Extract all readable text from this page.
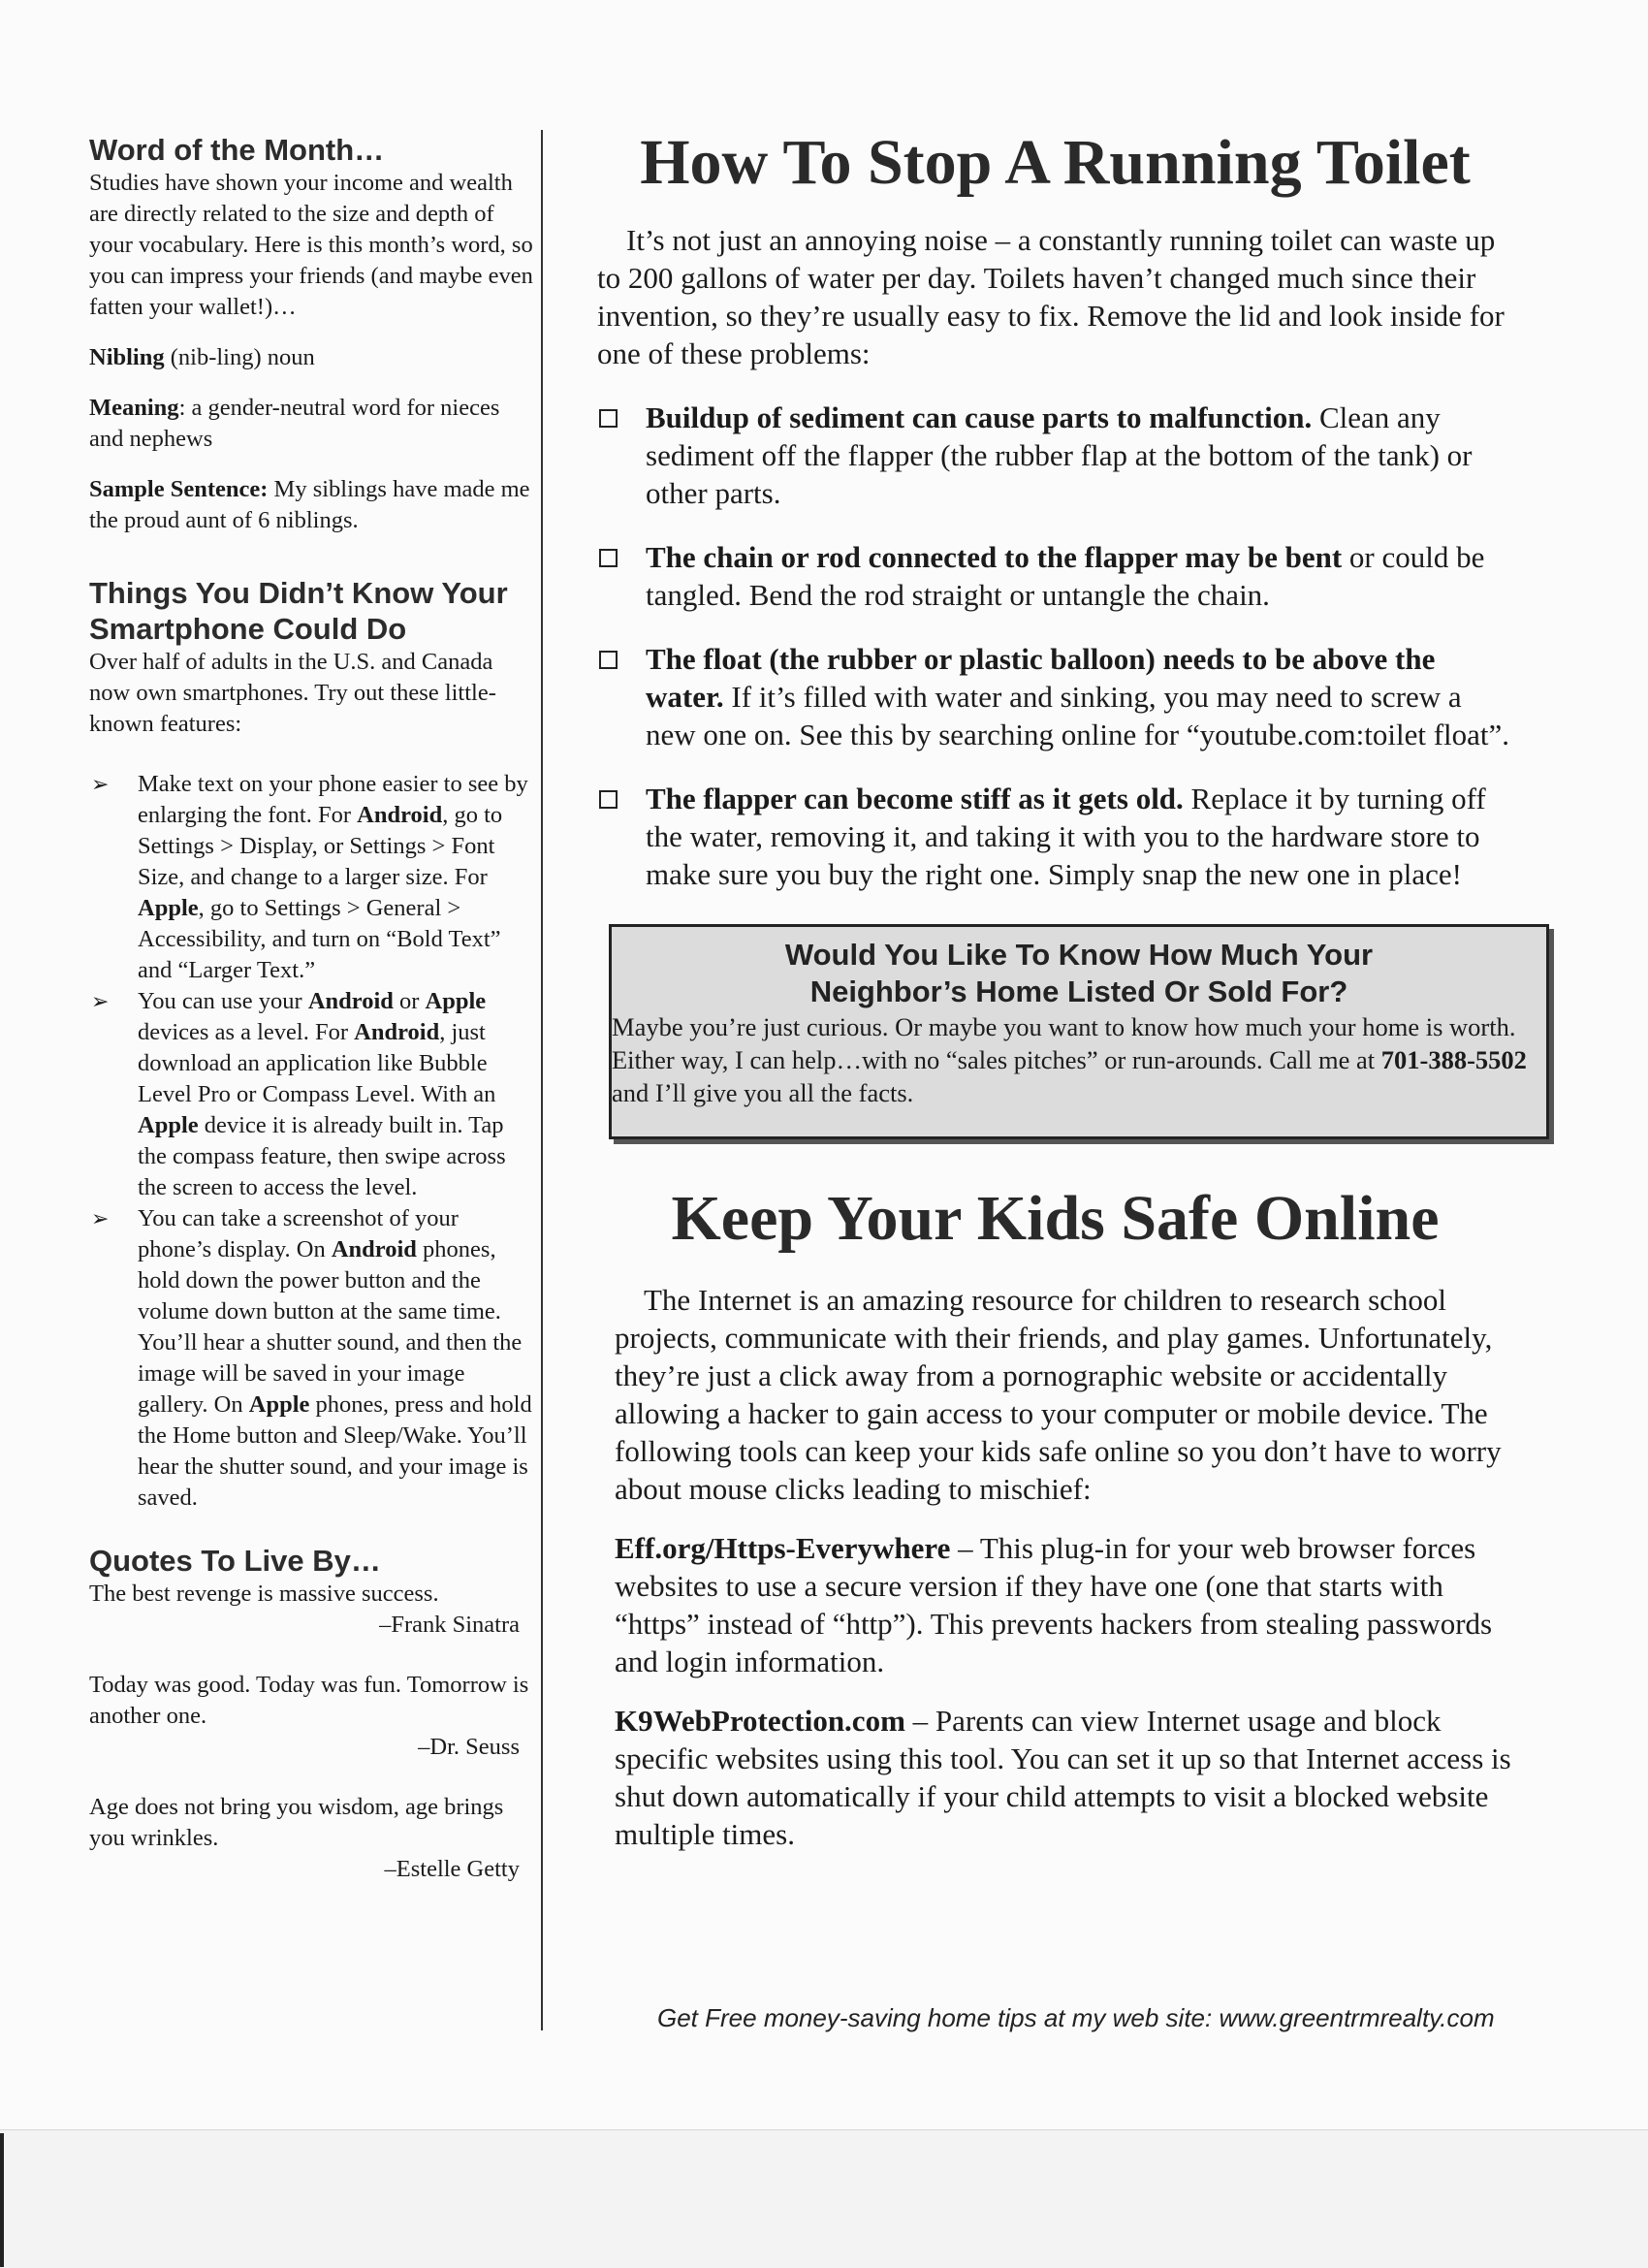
Word of the Month…

Studies have shown your income and wealth are directly related to the size and depth of your vocabulary. Here is this month’s word, so you can impress your friends (and maybe even fatten your wallet!)…

Nibling (nib-ling) noun

Meaning: a gender-neutral word for nieces and nephews

Sample Sentence: My siblings have made me the proud aunt of 6 niblings.

Things You Didn’t Know Your Smartphone Could Do

Over half of adults in the U.S. and Canada now own smartphones. Try out these little-known features:

➢ Make text on your phone easier to see by enlarging the font. For Android, go to Settings > Display, or Settings > Font Size, and change to a larger size. For Apple, go to Settings > General > Accessibility, and turn on “Bold Text” and “Larger Text.”
➢ You can use your Android or Apple devices as a level. For Android, just download an application like Bubble Level Pro or Compass Level. With an Apple device it is already built in. Tap the compass feature, then swipe across the screen to access the level.
➢ You can take a screenshot of your phone’s display. On Android phones, hold down the power button and the volume down button at the same time. You’ll hear a shutter sound, and then the image will be saved in your image gallery. On Apple phones, press and hold the Home button and Sleep/Wake. You’ll hear the shutter sound, and your image is saved.
Quotes To Live By…

The best revenge is massive success.

–Frank Sinatra

Today was good. Today was fun. Tomorrow is another one.

–Dr. Seuss

Age does not bring you wisdom, age brings you wrinkles.

–Estelle Getty

How To Stop A Running Toilet

It’s not just an annoying noise – a constantly running toilet can waste up to 200 gallons of water per day. Toilets haven’t changed much since their invention, so they’re usually easy to fix. Remove the lid and look inside for one of these problems:

Buildup of sediment can cause parts to malfunction. Clean any sediment off the flapper (the rubber flap at the bottom of the tank) or other parts.
The chain or rod connected to the flapper may be bent or could be tangled. Bend the rod straight or untangle the chain.
The float (the rubber or plastic balloon) needs to be above the water. If it’s filled with water and sinking, you may need to screw a new one on. See this by searching online for “youtube.com:toilet float”.
The flapper can become stiff as it gets old. Replace it by turning off the water, removing it, and taking it with you to the hardware store to make sure you buy the right one. Simply snap the new one in place!
Would You Like To Know How Much Your
Neighbor’s Home Listed Or Sold For?

Maybe you’re just curious. Or maybe you want to know how much your home is worth. Either way, I can help…with no “sales pitches” or run-arounds. Call me at 701-388-5502 and I’ll give you all the facts.

Keep Your Kids Safe Online

The Internet is an amazing resource for children to research school projects, communicate with their friends, and play games. Unfortunately, they’re just a click away from a pornographic website or accidentally allowing a hacker to gain access to your computer or mobile device. The following tools can keep your kids safe online so you don’t have to worry about mouse clicks leading to mischief:

Eff.org/Https-Everywhere – This plug-in for your web browser forces websites to use a secure version if they have one (one that starts with “https” instead of “http”). This prevents hackers from stealing passwords and login information.

K9WebProtection.com – Parents can view Internet usage and block specific websites using this tool. You can set it up so that Internet access is shut down automatically if your child attempts to visit a blocked website multiple times.

Get Free money-saving home tips at my web site: www.greentrmrealty.com
